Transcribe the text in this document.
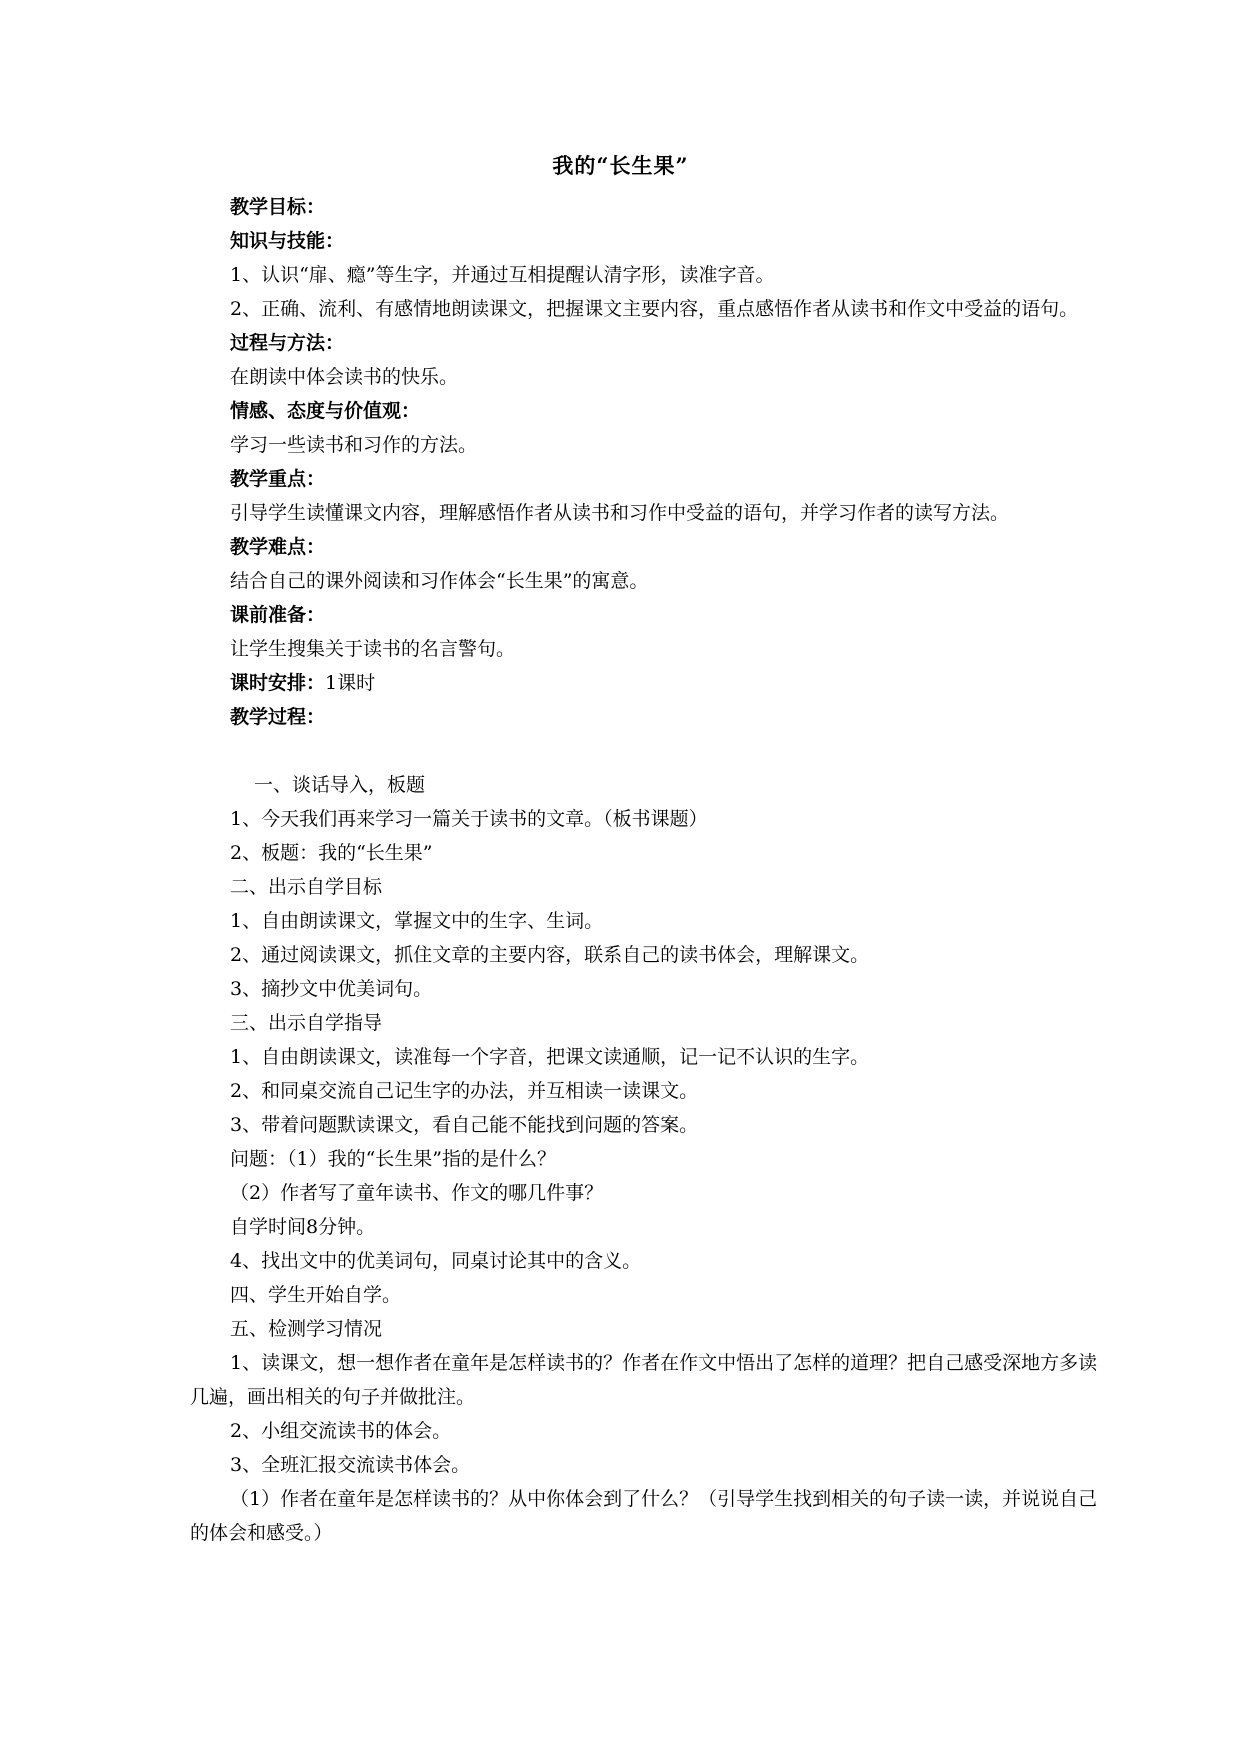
我的“长生果”

教学目标：

知识与技能：

1、认识“扉、瘾”等生字，并通过互相提醒认清字形，读准字音。

2、正确、流利、有感情地朗读课文，把握课文主要内容，重点感悟作者从读书和作文中受益的语句。

过程与方法：

在朗读中体会读书的快乐。

情感、态度与价值观：

学习一些读书和习作的方法。

教学重点：

引导学生读懂课文内容，理解感悟作者从读书和习作中受益的语句，并学习作者的读写方法。

教学难点：

结合自己的课外阅读和习作体会“长生果”的寓意。

课前准备：

让学生搜集关于读书的名言警句。

课时安排：1课时

教学过程：

一、谈话导入，板题

1、今天我们再来学习一篇关于读书的文章。（板书课题）

2、板题：我的“长生果”

二、出示自学目标

1、自由朗读课文，掌握文中的生字、生词。

2、通过阅读课文，抓住文章的主要内容，联系自己的读书体会，理解课文。

3、摘抄文中优美词句。

三、出示自学指导

1、自由朗读课文，读准每一个字音，把课文读通顺，记一记不认识的生字。

2、和同桌交流自己记生字的办法，并互相读一读课文。

3、带着问题默读课文，看自己能不能找到问题的答案。

问题：（1）我的“长生果”指的是什么？

（2）作者写了童年读书、作文的哪几件事？

自学时间8分钟。

4、找出文中的优美词句，同桌讨论其中的含义。

四、学生开始自学。

五、检测学习情况

1、读课文，想一想作者在童年是怎样读书的？作者在作文中悟出了怎样的道理？把自己感受深地方多读几遍，画出相关的句子并做批注。

2、小组交流读书的体会。

3、全班汇报交流读书体会。

（1）作者在童年是怎样读书的？从中你体会到了什么？（引导学生找到相关的句子读一读，并说说自己的体会和感受。）
